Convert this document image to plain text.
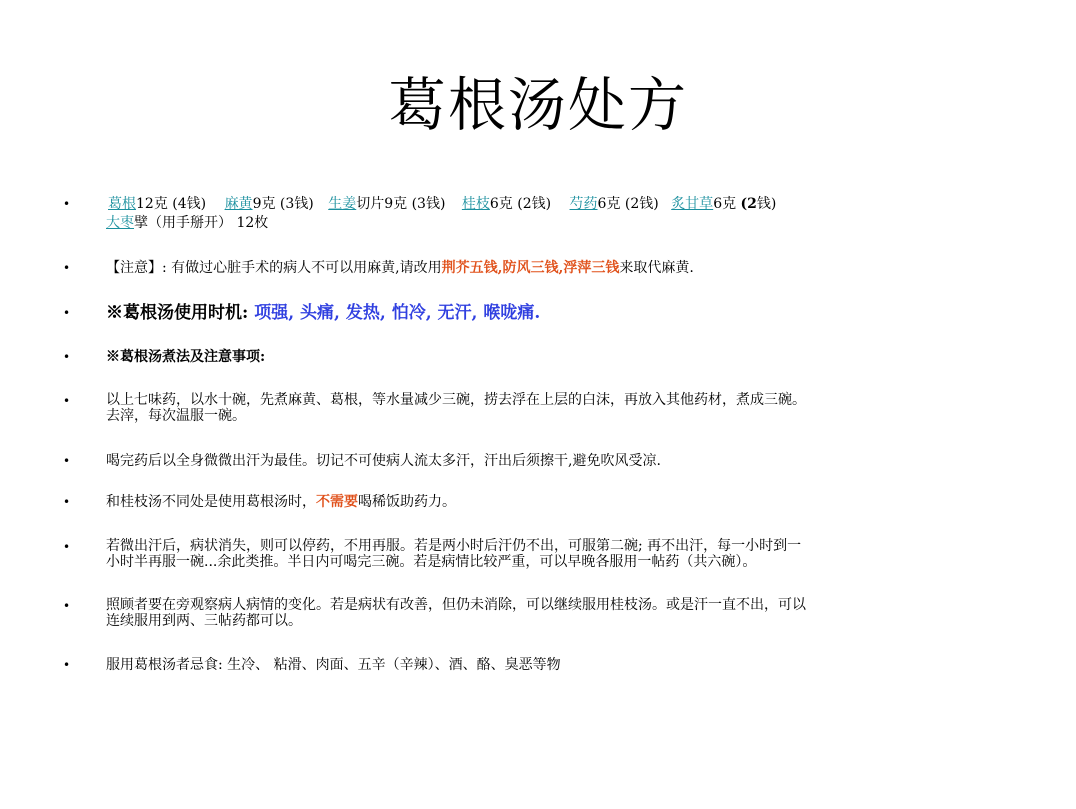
葛根汤处方
•	葛根12克 (4钱) 麻黄9克 (3钱) 生姜切片9克 (3钱) 桂枝6克 (2钱) 芍药6克 (2钱) 炙甘草6克 (2钱)
大枣擘（用手掰开） 12枚
•	【注意】: 有做过心脏手术的病人不可以用麻黄,请改用荆芥五钱,防风三钱,浮萍三钱来取代麻黄.
• ※葛根汤使用时机: 项强, 头痛, 发热, 怕冷, 无汗, 喉咙痛.
•	※葛根汤煮法及注意事项:
•	以上七味药，以水十碗，先煮麻黄、葛根，等水量减少三碗，捞去浮在上层的白沫，再放入其他药材，煮成三碗。
去滓，每次温服一碗。
•	喝完药后以全身微微出汗为最佳。切记不可使病人流太多汗，汗出后须擦干,避免吹风受凉.
•	和桂枝汤不同处是使用葛根汤时，不需要喝稀饭助药力。
•	若微出汗后，病状消失，则可以停药，不用再服。若是两小时后汗仍不出，可服第二碗; 再不出汗，每一小时到一
小时半再服一碗...余此类推。半日内可喝完三碗。若是病情比较严重，可以早晚各服用一帖药（共六碗）。
•	照顾者要在旁观察病人病情的变化。若是病状有改善，但仍未消除，可以继续服用桂枝汤。或是汗一直不出，可以
连续服用到两、三帖药都可以。
•	服用葛根汤者忌食: 生冷、 粘滑、肉面、五辛（辛辣）、酒、酪、臭恶等物
